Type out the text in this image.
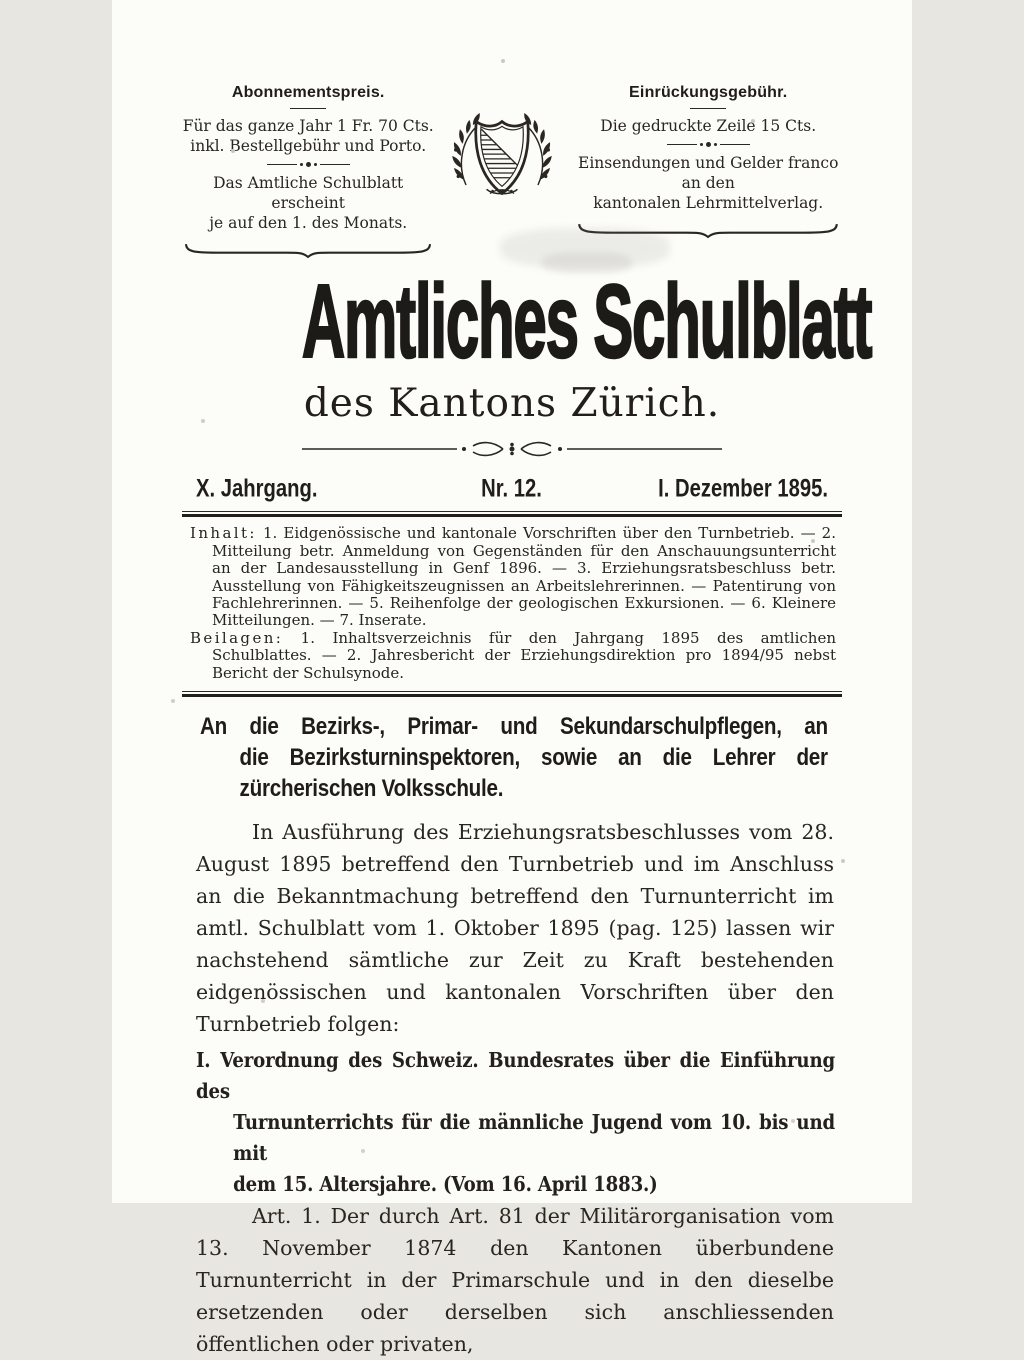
Abonnementspreis.
Für das ganze Jahr 1 Fr. 70 Cts.
inkl. Bestellgebühr und Porto.
Das Amtliche Schulblatt erscheint
je auf den 1. des Monats.
Einrückungsgebühr.
Die gedruckte Zeile 15 Cts.
Einsendungen und Gelder franco
an den
kantonalen Lehrmittelverlag.
Amtliches Schulblatt
des Kantons Zürich.
X. Jahrgang.	Nr. 12.	I. Dezember 1895.

Inhalt: 1. Eidgenössische und kantonale Vorschriften über den Turnbetrieb. — 2. Mitteilung betr. Anmeldung von Gegenständen für den Anschauungsunterricht an der Landesausstellung in Genf 1896. — 3. Erziehungsratsbeschluss betr. Ausstellung von Fähigkeitszeugnissen an Arbeitslehrerinnen. — Patentirung von Fachlehrerinnen. — 5. Reihenfolge der geologischen Exkursionen. — 6. Kleinere Mitteilungen. — 7. Inserate.

Beilagen: 1. Inhaltsverzeichnis für den Jahrgang 1895 des amtlichen Schulblattes. — 2. Jahresbericht der Erziehungsdirektion pro 1894/95 nebst Bericht der Schulsynode.

An die Bezirks-, Primar- und Sekundarschulpflegen, an
die Bezirksturninspektoren, sowie an die Lehrer der
zürcherischen Volksschule.

In Ausführung des Erziehungsratsbeschlusses vom 28. August 1895 betreffend den Turnbetrieb und im Anschluss an die Bekanntmachung betreffend den Turnunterricht im amtl. Schulblatt vom 1. Oktober 1895 (pag. 125) lassen wir nachstehend sämtliche zur Zeit zu Kraft bestehenden eidgenössischen und kantonalen Vorschriften über den Turnbetrieb folgen:

I. Verordnung des Schweiz. Bundesrates über die Einführung des
Turnunterrichts für die männliche Jugend vom 10. bis und mit
dem 15. Altersjahre. (Vom 16. April 1883.)

Art. 1. Der durch Art. 81 der Militärorganisation vom 13. November 1874 den Kantonen überbundene Turnunterricht in der Primarschule und in den dieselbe ersetzenden oder derselben sich anschliessenden öffentlichen oder privaten,
